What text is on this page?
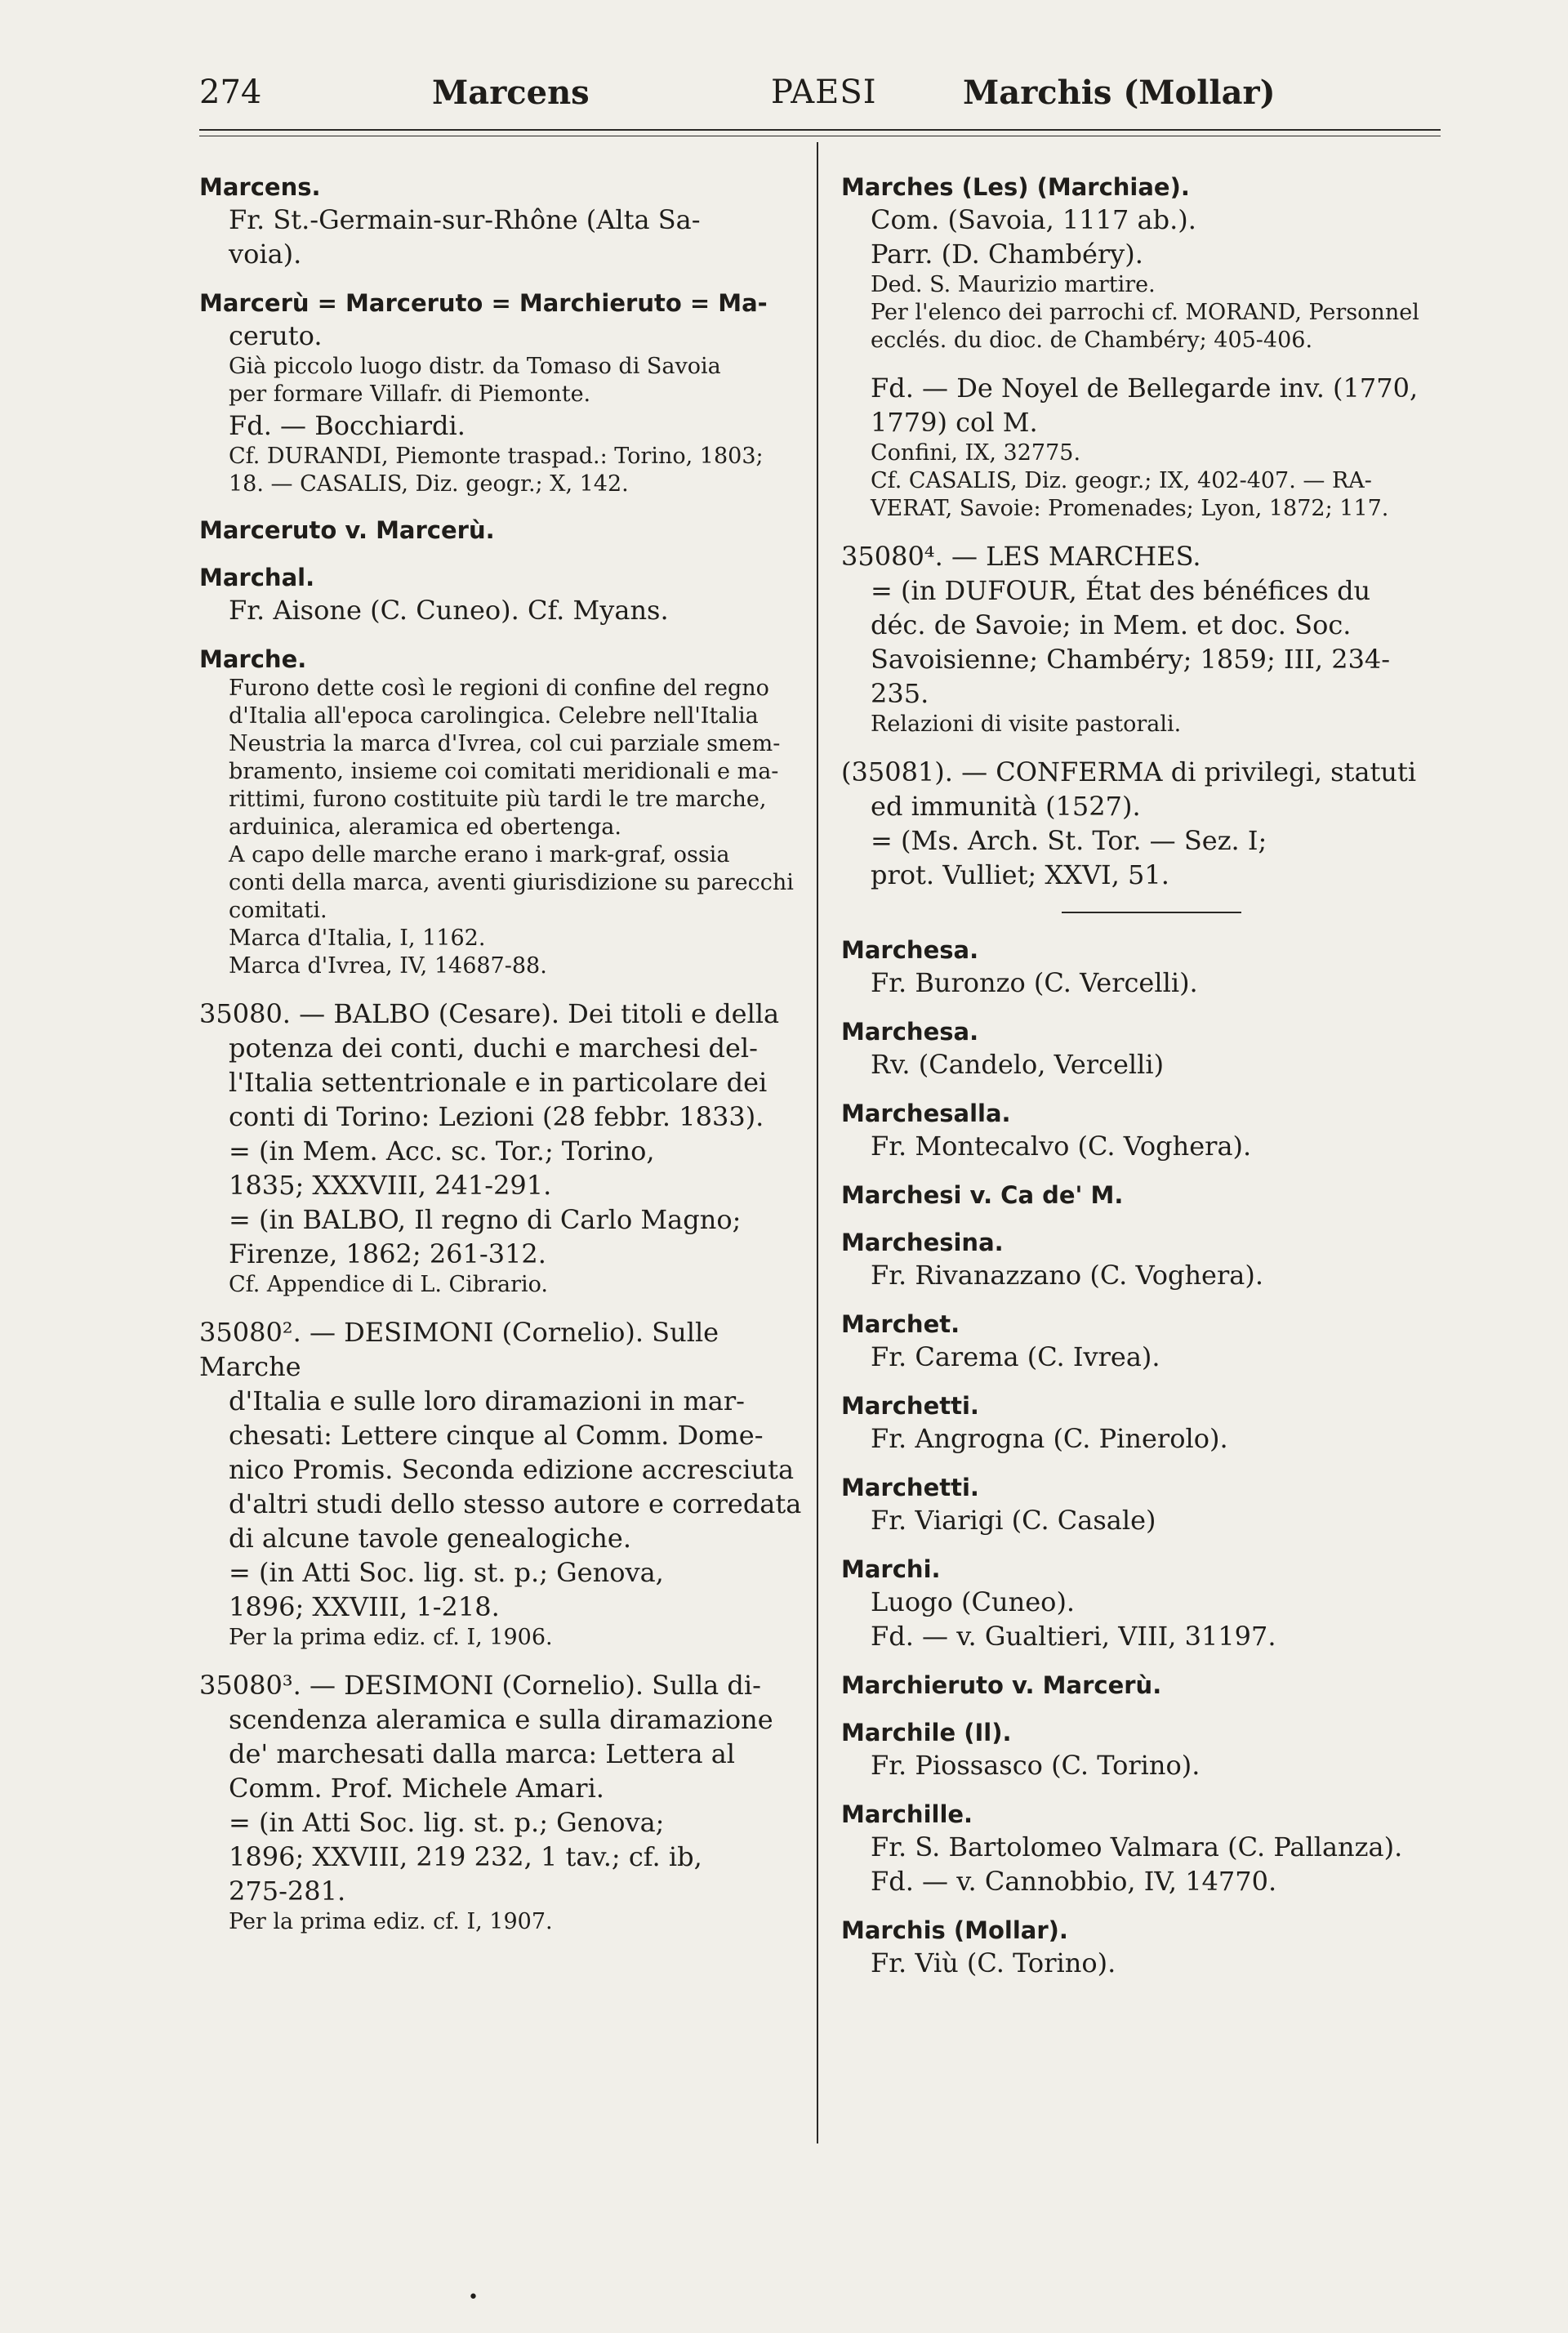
274	Marcens	PAESI	Marchis (Mollar)
Marcens.
Fr. St.-Germain-sur-Rhône (Alta Sa-
voia).
Marcerù = Marceruto = Marchieruto = Ma-
ceruto.
Già piccolo luogo distr. da Tomaso di Savoia
per formare Villafr. di Piemonte.
Fd. — Bocchiardi.
Cf. DURANDI, Piemonte traspad.: Torino, 1803;
18. — CASALIS, Diz. geogr.; X, 142.
Marceruto v. Marcerù.
Marchal.
Fr. Aisone (C. Cuneo). Cf. Myans.
Marche.
Furono dette così le regioni di confine del regno
d'Italia all'epoca carolingica. Celebre nell'Italia
Neustria la marca d'Ivrea, col cui parziale smem-
bramento, insieme coi comitati meridionali e ma-
rittimi, furono costituite più tardi le tre marche,
arduinica, aleramica ed obertenga.
A capo delle marche erano i mark-graf, ossia
conti della marca, aventi giurisdizione su parecchi
comitati.
Marca d'Italia, I, 1162.
Marca d'Ivrea, IV, 14687-88.
35080. — BALBO (Cesare). Dei titoli e della
potenza dei conti, duchi e marchesi del-
l'Italia settentrionale e in particolare dei
conti di Torino: Lezioni (28 febbr. 1833).
= (in Mem. Acc. sc. Tor.; Torino,
1835; XXXVIII, 241-291.
= (in BALBO, Il regno di Carlo Magno;
Firenze, 1862; 261-312.
Cf. Appendice di L. Cibrario.
35080². — DESIMONI (Cornelio). Sulle Marche
d'Italia e sulle loro diramazioni in mar-
chesati: Lettere cinque al Comm. Dome-
nico Promis. Seconda edizione accresciuta
d'altri studi dello stesso autore e corredata
di alcune tavole genealogiche.
= (in Atti Soc. lig. st. p.; Genova,
1896; XXVIII, 1-218.
Per la prima ediz. cf. I, 1906.
35080³. — DESIMONI (Cornelio). Sulla di-
scendenza aleramica e sulla diramazione
de' marchesati dalla marca: Lettera al
Comm. Prof. Michele Amari.
= (in Atti Soc. lig. st. p.; Genova;
1896; XXVIII, 219 232, 1 tav.; cf. ib,
275-281.
Per la prima ediz. cf. I, 1907.
Marches (Les) (Marchiae).
Com. (Savoia, 1117 ab.).
Parr. (D. Chambéry).
Ded. S. Maurizio martire.
Per l'elenco dei parrochi cf. MORAND, Personnel
ecclés. du dioc. de Chambéry; 405-406.
Fd. — De Noyel de Bellegarde inv. (1770,
1779) col M.
Confini, IX, 32775.
Cf. CASALIS, Diz. geogr.; IX, 402-407. — RA-
VERAT, Savoie: Promenades; Lyon, 1872; 117.
35080⁴. — LES MARCHES.
= (in DUFOUR, État des bénéfices du
déc. de Savoie; in Mem. et doc. Soc.
Savoisienne; Chambéry; 1859; III, 234-
235.
Relazioni di visite pastorali.
(35081). — CONFERMA di privilegi, statuti
ed immunità (1527).
= (Ms. Arch. St. Tor. — Sez. I;
prot. Vulliet; XXVI, 51.
Marchesa.
Fr. Buronzo (C. Vercelli).
Marchesa.
Rv. (Candelo, Vercelli)
Marchesalla.
Fr. Montecalvo (C. Voghera).
Marchesi v. Ca de' M.
Marchesina.
Fr. Rivanazzano (C. Voghera).
Marchet.
Fr. Carema (C. Ivrea).
Marchetti.
Fr. Angrogna (C. Pinerolo).
Marchetti.
Fr. Viarigi (C. Casale)
Marchi.
Luogo (Cuneo).
Fd. — v. Gualtieri, VIII, 31197.
Marchieruto v. Marcerù.
Marchile (Il).
Fr. Piossasco (C. Torino).
Marchille.
Fr. S. Bartolomeo Valmara (C. Pallanza).
Fd. — v. Cannobbio, IV, 14770.
Marchis (Mollar).
Fr. Viù (C. Torino).
•
